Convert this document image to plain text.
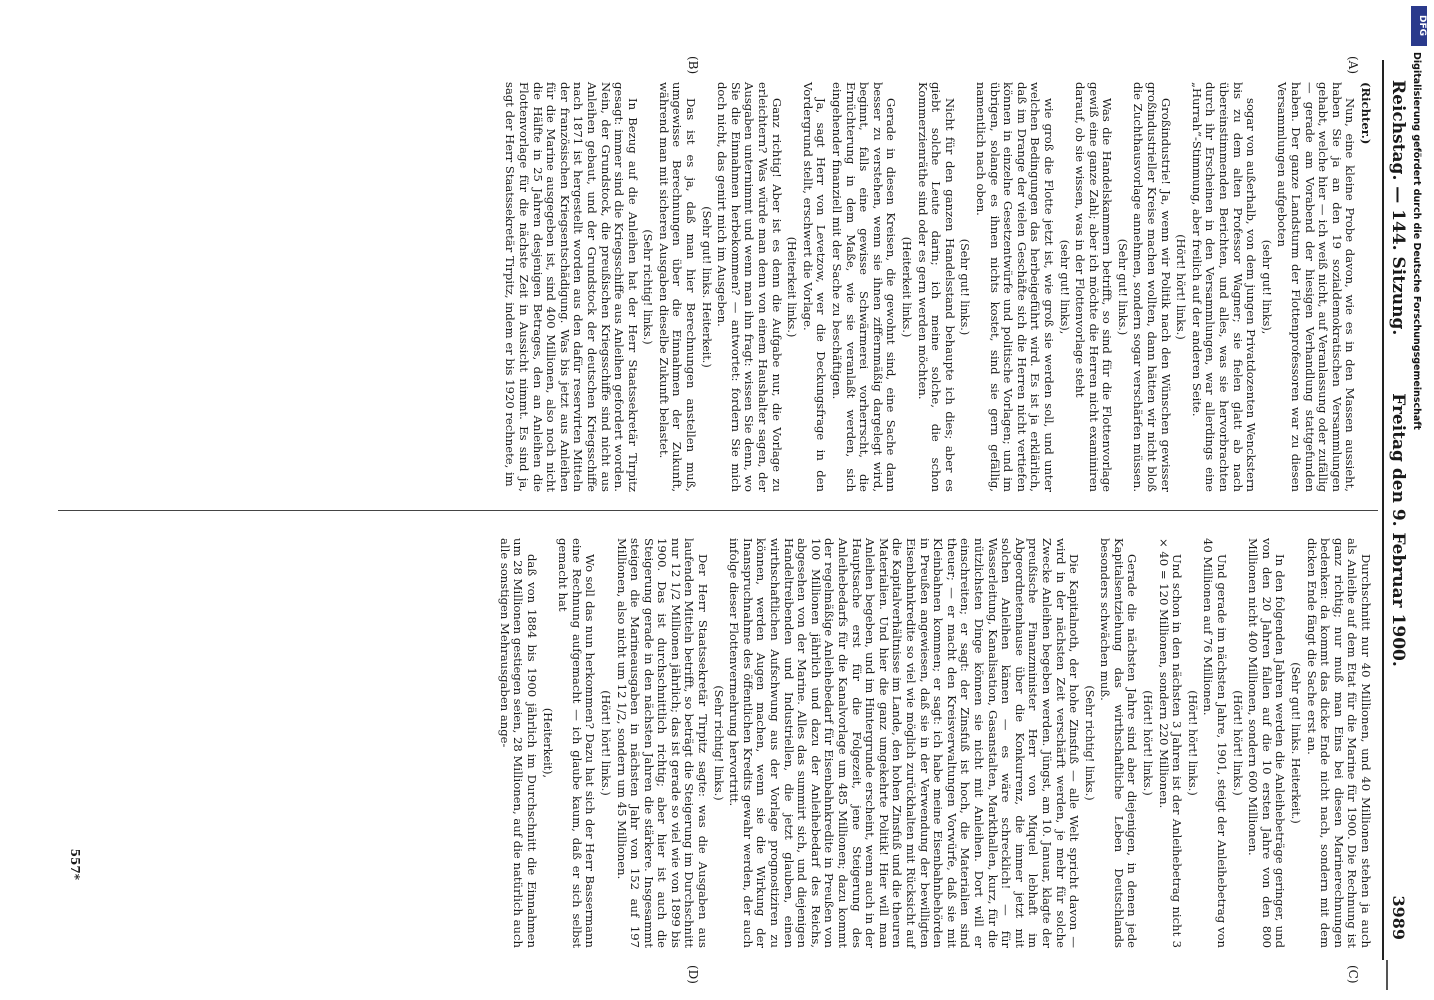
Reichstag. — 144. Sitzung.
Freitag den 9. Februar 1900.
3989
(A)
(B)
(C)
(D)

(Richter.)

Nun, eine kleine Probe davon, wie es in den Massen aussieht, haben Sie ja an den 19 sozialdemokratischen Versammlungen gehabt, welche hier — ich weiß nicht, auf Veranlassung oder zufällig — gerade am Vorabend der hiesigen Verhandlung stattgefunden haben. Der ganze Landsturm der Flottenprofessoren war zu diesen Versammlungen aufgeboten

(sehr gut! links),

sogar von außerhalb, von dem jungen Privatdozenten Wenckstern bis zu dem alten Professor Wagner; sie fielen glatt ab nach übereinstimmenden Berichten, und alles, was sie hervorbrachten durch ihr Erscheinen in den Versammlungen, war allerdings eine „Hurrah“-Stimmung, aber freilich auf der anderen Seite.

(Hört! hört! links.)

Großindustrie! Ja, wenn wir Politik nach den Wünschen gewisser großindustrieller Kreise machen wollten, dann hätten wir nicht bloß die Zuchthausvorlage annehmen, sondern sogar verschärfen müssen.

(Sehr gut! links.)

Was die Handelskammern betrifft, so sind für die Flottenvorlage gewiß eine ganze Zahl; aber ich möchte die Herren nicht examiniren darauf, ob sie wissen, was in der Flottenvorlage steht

(sehr gut! links),

wie groß die Flotte jetzt ist, wie groß sie werden soll, und unter welchen Bedingungen das herbeigeführt wird. Es ist ja erklärlich, daß im Drange der vielen Geschäfte sich die Herren nicht vertiefen können in einzelne Gesetzentwürfe und politische Vorlagen; und im übrigen, solange es ihnen nichts kostet, sind sie gern gefällig, namentlich nach oben.

(Sehr gut! links.)

Nicht für den ganzen Handelsstand behaupte ich dies; aber es giebt solche Leute darin; ich meine solche, die schon Kommerzienräthe sind oder es gern werden möchten.

(Heiterkeit links.)

Gerade in diesen Kreisen, die gewohnt sind, eine Sache dann besser zu verstehen, wenn sie ihnen ziffernmäßig dargelegt wird, beginnt, falls eine gewisse Schwärmerei vorherrscht, die Ernüchterung in dem Maße, wie sie veranlaßt werden, sich eingehender finanziell mit der Sache zu beschäftigen.

Ja, sagt Herr von Levetzow, wer die Deckungsfrage in den Vordergrund stellt, erschwert die Vorlage.

(Heiterkeit links.)

Ganz richtig! Aber ist es denn die Aufgabe nur, die Vorlage zu erleichtern? Was würde man denn von einem Haushalter sagen, der Ausgaben unternimmt und wenn man ihn fragt: wissen Sie denn, wo Sie die Einnahmen herbekommen? — antwortet: fordern Sie mich doch nicht, das genirt mich im Ausgeben.

(Sehr gut! links. Heiterkeit.)

Das ist es ja, daß man hier Berechnungen anstellen muß, umgewisse Berechnungen über die Einnahmen der Zukunft, während man mit sicheren Ausgaben dieselbe Zukunft belastet.

(Sehr richtig! links.)

In Bezug auf die Anleihen hat der Herr Staatssekretär Tirpitz gesagt: immer sind die Kriegsschiffe aus Anleihen gefordert worden. Nein, der Grundstock, die preußischen Kriegsschiffe sind nicht aus Anleihen gebaut, und der Grundstock der deutschen Kriegsschiffe nach 1871 ist hergestellt worden aus den dafür reservirten Mitteln der französischen Kriegsentschädigung. Was bis jetzt aus Anleihen für die Marine ausgegeben ist, sind 400 Millionen, also noch nicht die Hälfte in 25 Jahren desjenigen Betrages, den an Anleihen die Flottenvorlage für die nächste Zeit in Aussicht nimmt. Es sind ja, sagt der Herr Staatssekretär Tirpitz, indem er bis 1920 rechnete, im

Durchschnitt nur 40 Millionen, und 40 Millionen stehen ja auch als Anleihe auf dem Etat für die Marine für 1900. Die Rechnung ist ganz richtig; nur muß man Eins bei diesen Marinerechnungen bedenken: da kommt das dicke Ende nicht nach, sondern mit dem dicken Ende fängt die Sache erst an.

(Sehr gut! links. Heiterkeit.)

In den folgenden Jahren werden die Anleihebeträge geringer, und von den 20 Jahren fallen auf die 10 ersten Jahre von den 800 Millionen nicht 400 Millionen, sondern 600 Millionen.

(Hört! hört! links.)

Und gerade im nächsten Jahre, 1901, steigt der Anleihebetrag von 40 Millionen auf 76 Millionen.

(Hört! hört! links.)

Und schon in den nächsten 3 Jahren ist der Anleihebetrag nicht 3 × 40 = 120 Millionen, sondern 220 Millionen.

(Hört! hört! links.)

Gerade die nächsten Jahre sind aber diejenigen, in denen jede Kapitalsentziehung das wirthschaftliche Leben Deutschlands besonders schwächen muß.

(Sehr richtig! links.)

Die Kapitalnoth, der hohe Zinsfuß — alle Welt spricht davon — wird in der nächsten Zeit verschärft werden, je mehr für solche Zwecke Anleihen begeben werden. Jüngst, am 10. Januar, klagte der preußische Finanzminister Herr von Miquel lebhaft im Abgeordnetenhause über die Konkurrenz, die immer jetzt mit solchen Anleihen kämen — es wäre schrecklich! — für Wasserleitung, Kanalisation, Gasanstalten, Markthallen, kurz, für die nützlichsten Dinge können sie nicht mit Anleihen. Dort will er einschreiten; er sagt: der Zinsfuß ist hoch, die Materialien sind theuer; — er macht den Kreisverwaltungen Vorwürfe, daß sie mit Kleinbahnen kommen; er sagt: ich habe meine Eisenbahnbehörden in Preußen angewiesen, daß sie in der Verwendung der bewilligten Eisenbahnkredite so viel wie möglich zurückhalten mit Rücksicht auf die Kapitalverhältnisse im Lande, den hohen Zinsfuß und die theuren Materialien. Und hier die ganz umgekehrte Politik! Hier will man Anleihen begeben, und im Hintergrunde erscheint, wenn auch in der Hauptsache erst für die Folgezeit, jene Steigerung des Anleihebedarfs für die Kanalvorlage um 485 Millionen; dazu kommt der regelmäßige Anleihebedarf für Eisenbahnkredite in Preußen von 100 Millionen jährlich und dazu der Anleihebedarf des Reichs, abgesehen von der Marine. Alles das summirt sich, und diejenigen Handeltreibenden und Industriellen, die jetzt glauben, einen wirthschaftlichen Aufschwung aus der Vorlage prognostiziren zu können, werden Augen machen, wenn sie die Wirkung der Inanspruchnahme des öffentlichen Kredits gewahr werden, der auch infolge dieser Flottenvermehrung hervortritt.

(Sehr richtig! links.)

Der Herr Staatssekretär Tirpitz sagte: was die Ausgaben aus laufenden Mitteln betrifft, so beträgt die Steigerung im Durchschnitt nur 12 1/2 Millionen jährlich; das ist gerade so viel wie von 1899 bis 1900. Das ist durchschnittlich richtig; aber hier ist auch die Steigerung gerade in den nächsten Jahren die stärkere. Insgesammt steigen die Marineausgaben in nächsten Jahr von 152 auf 197 Millionen, also nicht um 12 1/2, sondern um 45 Millionen.

(Hört! hört! links.)

Wo soll das nun herkommen? Dazu hat sich der Herr Bassermann eine Rechnung aufgemacht — ich glaube kaum, daß er sich selbst gemacht hat

(Heiterkeit),

daß von 1884 bis 1900 jährlich im Durchschnitt die Einnahmen um 28 Millionen gestiegen seien, 28 Millionen, auf die natürlich auch alle sonstigen Mehrausgaben ange-

557*
DFG
Digitalisierung gefördert durch die Deutsche Forschungsgemeinschaft
